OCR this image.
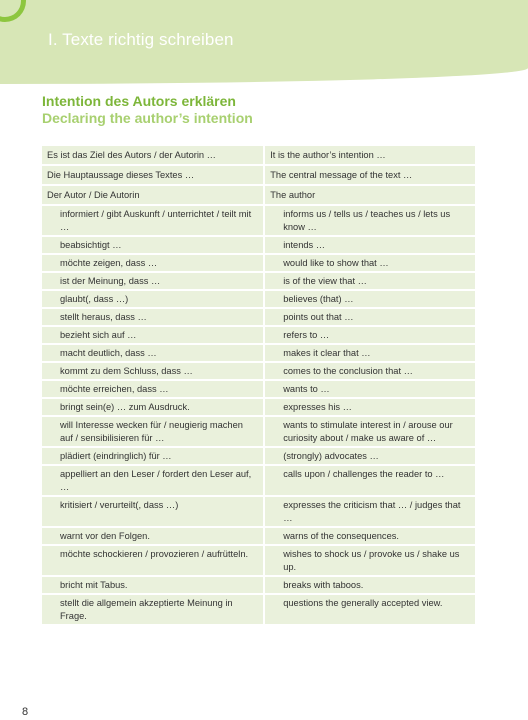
I. Texte richtig schreiben
Intention des Autors erklären
Declaring the author’s intention
Es ist das Ziel des Autors / der Autorin …	It is the author’s intention …
Die Hauptaussage dieses Textes …	The central message of the text …
Der Autor / Die Autorin	The author
informiert / gibt Auskunft / unterrichtet / teilt mit …	informs us / tells us / teaches us / lets us know …
beabsichtigt …	intends …
möchte zeigen, dass …	would like to show that …
ist der Meinung, dass …	is of the view that …
glaubt(, dass …)	believes (that) …
stellt heraus, dass …	points out that …
bezieht sich auf …	refers to …
macht deutlich, dass …	makes it clear that …
kommt zu dem Schluss, dass …	comes to the conclusion that …
möchte erreichen, dass …	wants to …
bringt sein(e) … zum Ausdruck.	expresses his …
will Interesse wecken für / neugierig machen auf / sensibilisieren für …	wants to stimulate interest in / arouse our curiosity about / make us aware of …
plädiert (eindringlich) für …	(strongly) advocates …
appelliert an den Leser / fordert den Leser auf, …	calls upon / challenges the reader to …
kritisiert / verurteilt(, dass …)	expresses the criticism that … / judges that …
warnt vor den Folgen.	warns of the consequences.
möchte schockieren / provozieren / aufrütteln.	wishes to shock us / provoke us / shake us up.
bricht mit Tabus.	breaks with taboos.
stellt die allgemein akzeptierte Meinung in Frage.	questions the generally accepted view.
8
